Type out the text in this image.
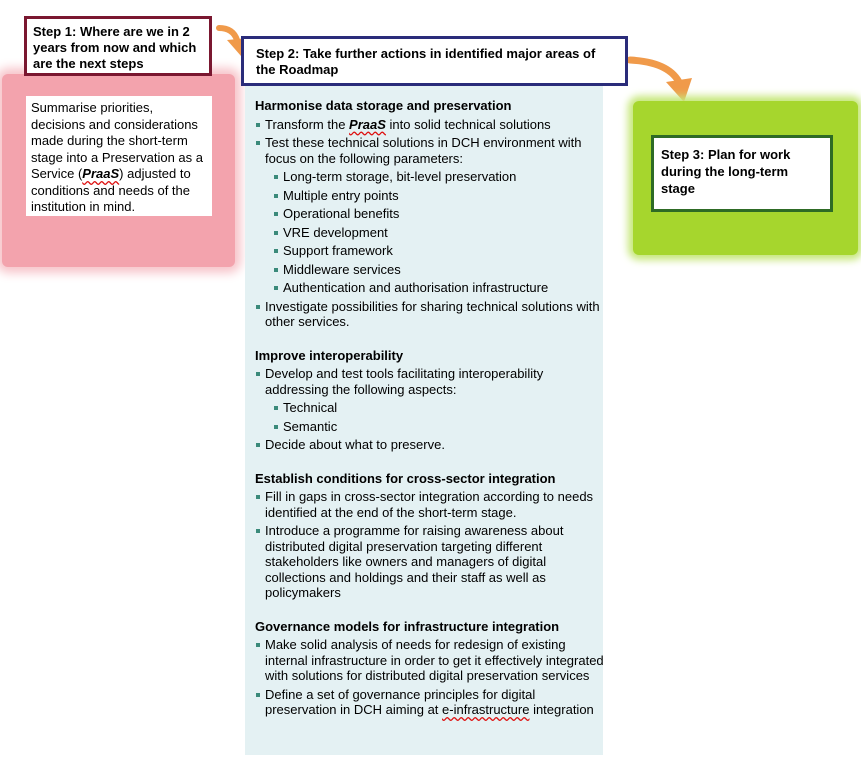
Step 1: Where are we in 2 years from now and which are the next steps
Summarise priorities, decisions and considerations made during the short-term stage into a Preservation as a Service (PraaS) adjusted to conditions and needs of the institution in mind.
Step 2: Take further actions in identified major areas of the Roadmap
Harmonise data storage and preservation
Transform the PraaS into solid technical solutions
Test these technical solutions in DCH environment with focus on the following parameters:
Long-term storage, bit-level preservation
Multiple entry points
Operational benefits
VRE development
Support framework
Middleware services
Authentication and authorisation infrastructure
Investigate possibilities for sharing technical solutions with other services.
Improve interoperability
Develop and test tools facilitating interoperability addressing the following aspects:
Technical
Semantic
Decide about what to preserve.
Establish conditions for cross-sector integration
Fill in gaps in cross-sector integration according to needs identified at the end of the short-term stage.
Introduce a programme for raising awareness about distributed digital preservation targeting different stakeholders like owners and managers of digital collections and holdings and their staff as well as policymakers
Governance models for infrastructure integration
Make solid analysis of needs for redesign of existing internal infrastructure in order to get it effectively integrated with solutions for distributed digital preservation services
Define a set of governance principles for digital preservation in DCH aiming at e-infrastructure integration
Step 3: Plan for work during the long-term stage
